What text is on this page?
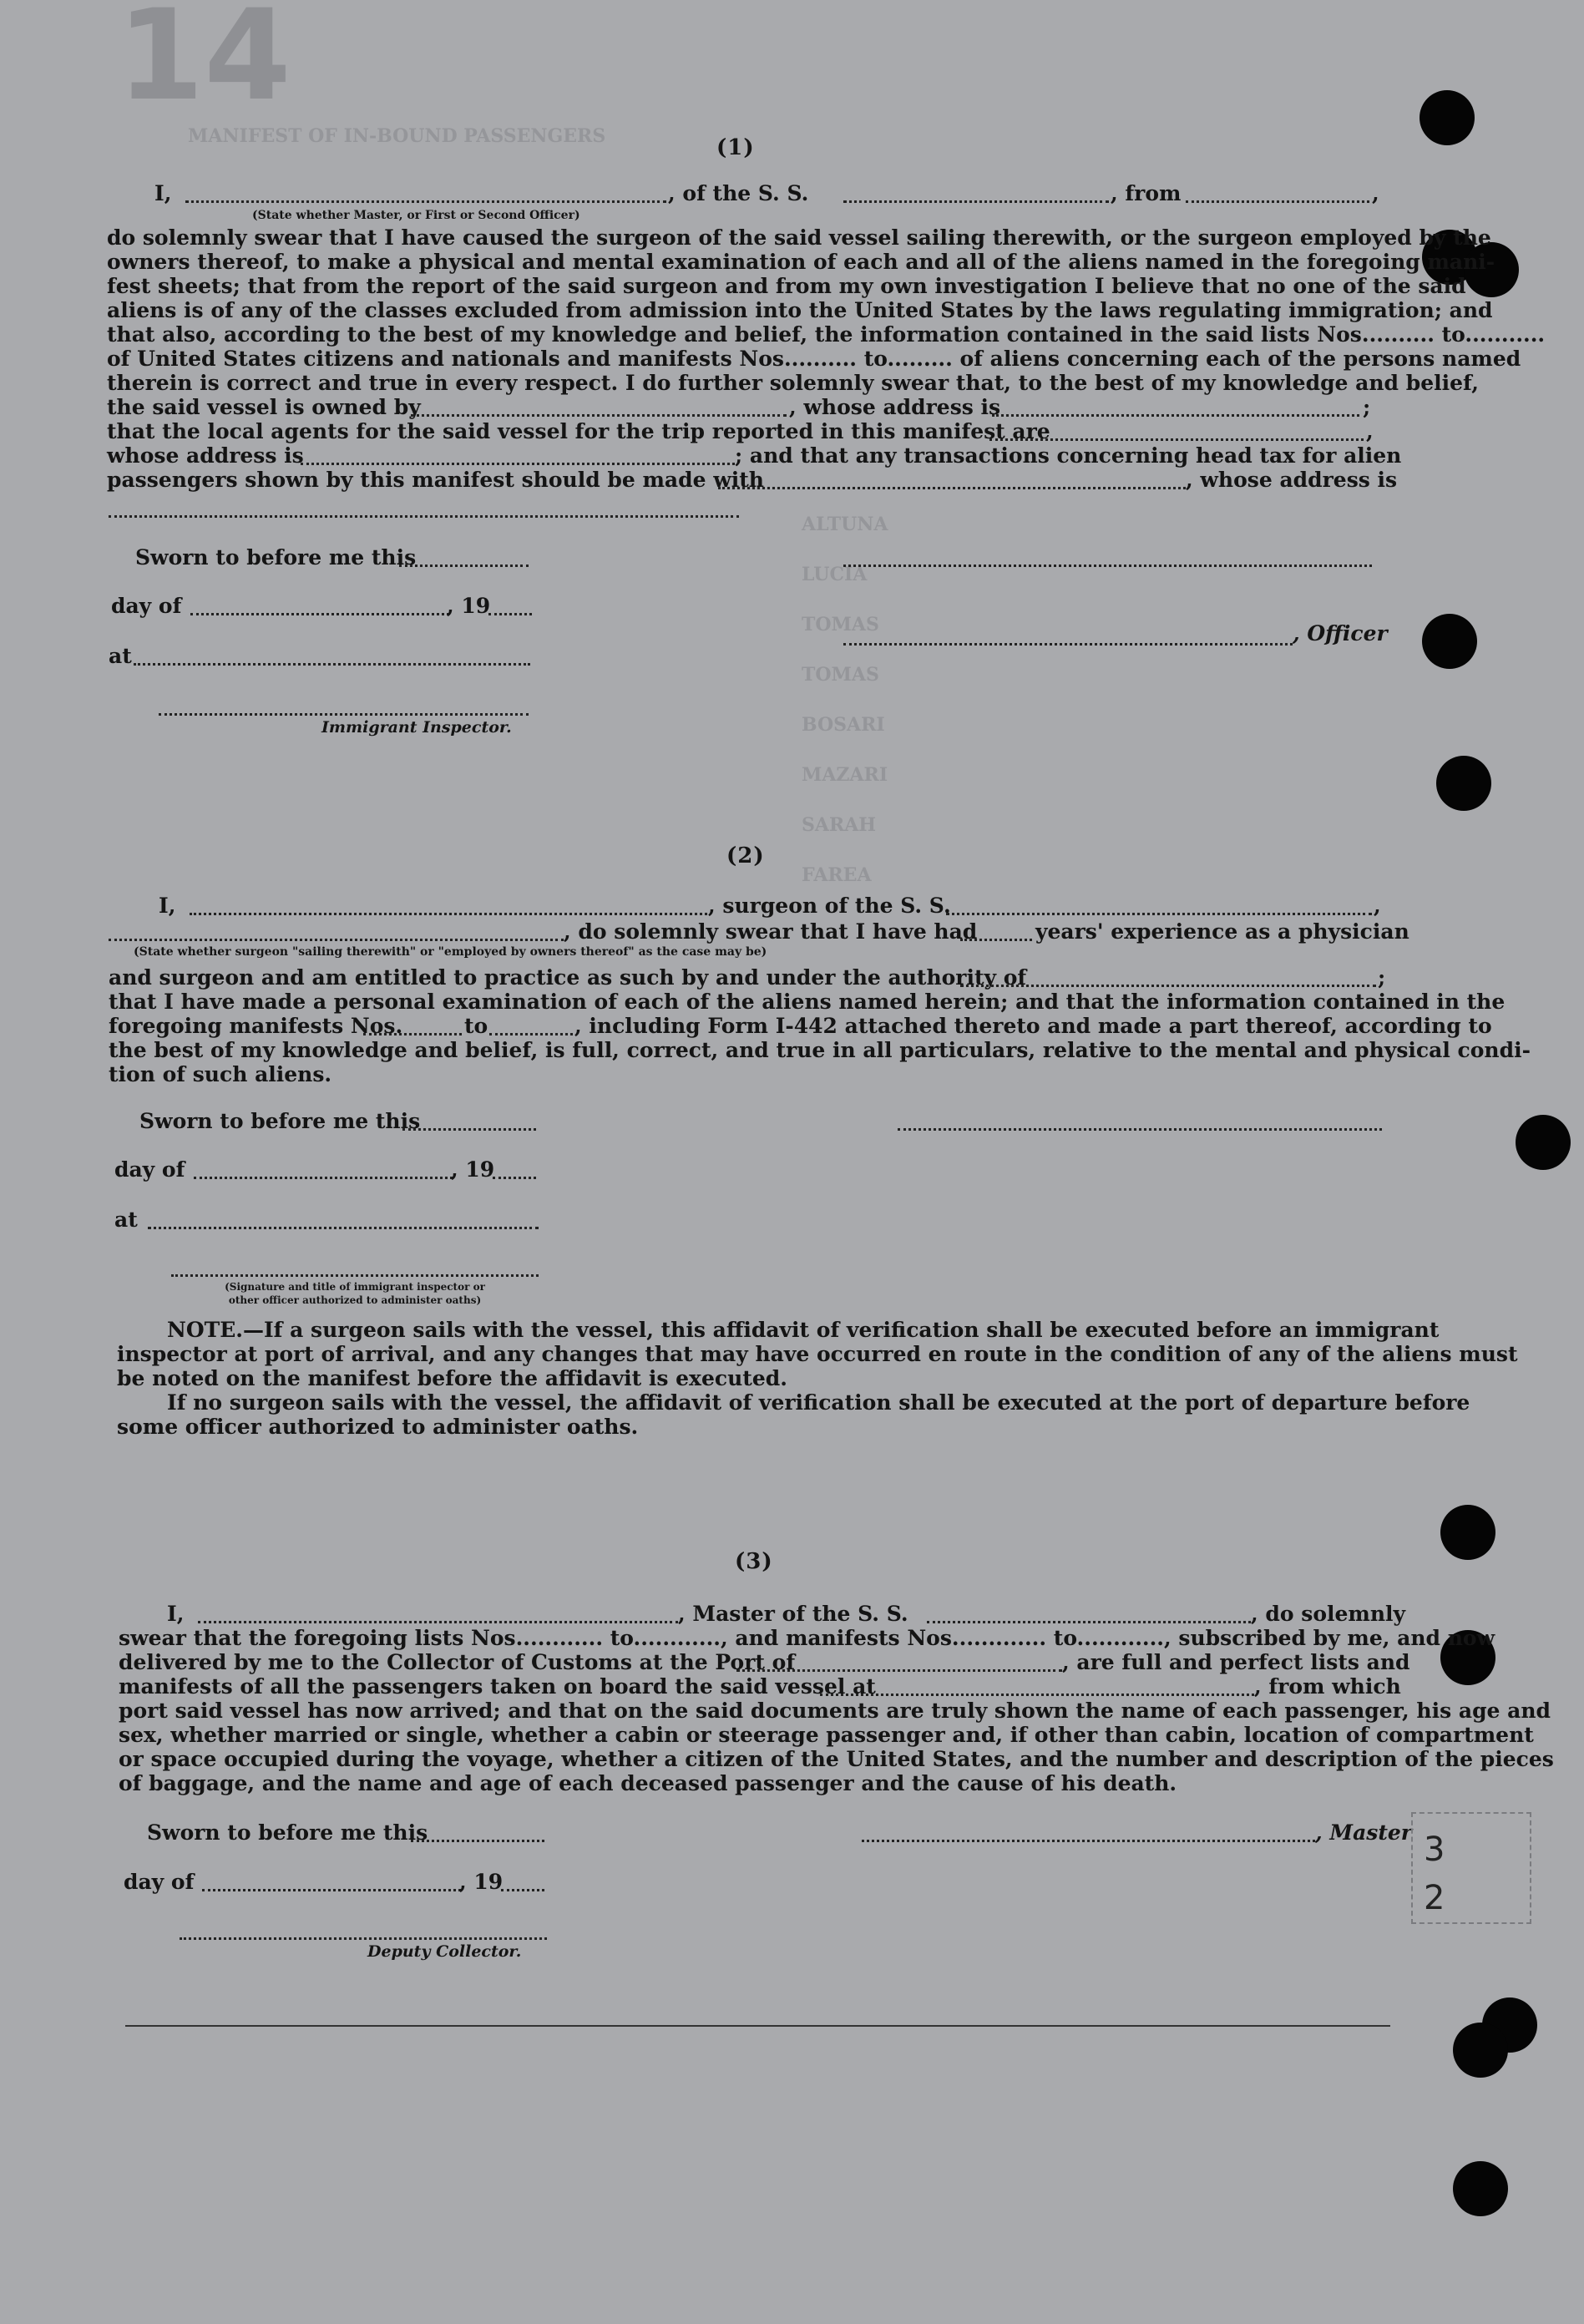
14
MANIFEST OF IN-BOUND PASSENGERS
ALTUNA
LUCIA
TOMAS
TOMAS
BOSARI
MAZARI
SARAH
FAREA
(1)
I,	, of the S. S.	, from	,
(State whether Master, or First or Second Officer)
do solemnly swear that I have caused the surgeon of the said vessel sailing therewith, or the surgeon employed by the
owners thereof, to make a physical and mental examination of each and all of the aliens named in the foregoing mani-
fest sheets; that from the report of the said surgeon and from my own investigation I believe that no one of the said
aliens is of any of the classes excluded from admission into the United States by the laws regulating immigration; and
that also, according to the best of my knowledge and belief, the information contained in the said lists Nos.......... to...........
of United States citizens and nationals and manifests Nos.......... to......... of aliens concerning each of the persons named
therein is correct and true in every respect. I do further solemnly swear that, to the best of my knowledge and belief,
the said vessel is owned by	, whose address is	;
that the local agents for the said vessel for the trip reported in this manifest are	,
whose address is	; and that any transactions concerning head tax for alien
passengers shown by this manifest should be made with	, whose address is
Sworn to before me this
day of	, 19
, Officer
at
Immigrant Inspector.
(2)
I,	, surgeon of the S. S.	,
, do solemnly swear that I have had	years' experience as a physician
(State whether surgeon "sailing therewith" or "employed by owners thereof" as the case may be)
and surgeon and am entitled to practice as such by and under the authority of	;
that I have made a personal examination of each of the aliens named herein; and that the information contained in the
foregoing manifests Nos.	to	, including Form I-442 attached thereto and made a part thereof, according to
the best of my knowledge and belief, is full, correct, and true in all particulars, relative to the mental and physical condi-
tion of such aliens.
Sworn to before me this
day of	, 19
at
(Signature and title of immigrant inspector or
other officer authorized to administer oaths)
NOTE.—If a surgeon sails with the vessel, this affidavit of verification shall be executed before an immigrant
inspector at port of arrival, and any changes that may have occurred en route in the condition of any of the aliens must
be noted on the manifest before the affidavit is executed.
If no surgeon sails with the vessel, the affidavit of verification shall be executed at the port of departure before
some officer authorized to administer oaths.
(3)
I,	, Master of the S. S.	, do solemnly
swear that the foregoing lists Nos............ to............, and manifests Nos............. to............, subscribed by me, and now
delivered by me to the Collector of Customs at the Port of	, are full and perfect lists and
manifests of all the passengers taken on board the said vessel at	, from which
port said vessel has now arrived; and that on the said documents are truly shown the name of each passenger, his age and
sex, whether married or single, whether a cabin or steerage passenger and, if other than cabin, location of compartment
or space occupied during the voyage, whether a citizen of the United States, and the number and description of the pieces
of baggage, and the name and age of each deceased passenger and the cause of his death.
Sworn to before me this	, Master
day of	, 19
Deputy Collector.
3
2
